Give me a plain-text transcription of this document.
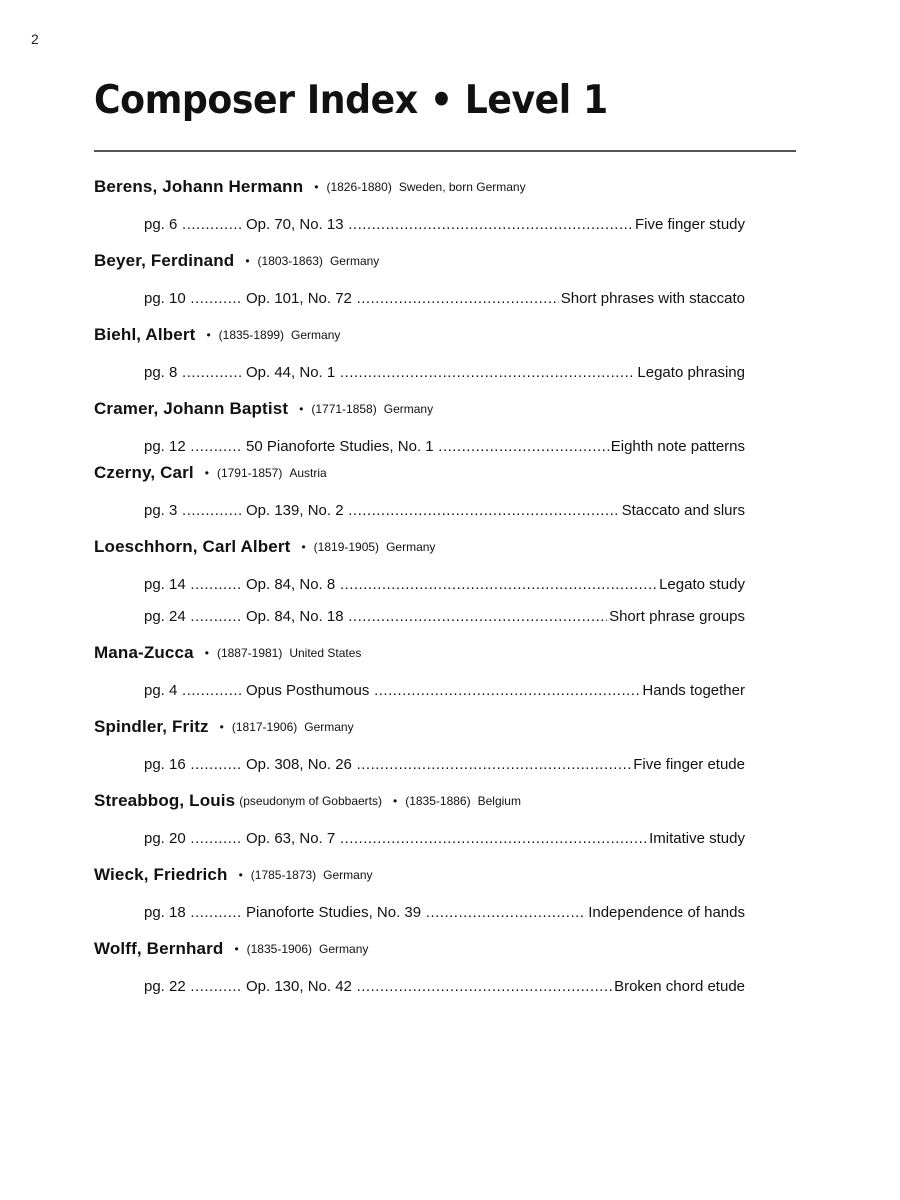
2
Composer Index • Level 1
Berens, Johann Hermann • (1826-1880) Sweden, born Germany
pg. 6 .....	Op. 70, No. 13 .....	Five finger study
Beyer, Ferdinand • (1803-1863) Germany
pg. 10 .....	Op. 101, No. 72 .....	Short phrases with staccato
Biehl, Albert • (1835-1899) Germany
pg. 8 .....	Op. 44, No. 1 .....	Legato phrasing
Cramer, Johann Baptist • (1771-1858) Germany
pg. 12 .....	50 Pianoforte Studies, No. 1 .....	Eighth note patterns
Czerny, Carl • (1791-1857) Austria
pg. 3 .....	Op. 139, No. 2 .....	Staccato and slurs
Loeschhorn, Carl Albert • (1819-1905) Germany
pg. 14 .....	Op. 84, No. 8 .....	Legato study
pg. 24 .....	Op. 84, No. 18 .....	Short phrase groups
Mana-Zucca • (1887-1981) United States
pg. 4 .....	Opus Posthumous .....	Hands together
Spindler, Fritz • (1817-1906) Germany
pg. 16 .....	Op. 308, No. 26 .....	Five finger etude
Streabbog, Louis (pseudonym of Gobbaerts) • (1835-1886) Belgium
pg. 20 .....	Op. 63, No. 7 .....	Imitative study
Wieck, Friedrich • (1785-1873) Germany
pg. 18 .....	Pianoforte Studies, No. 39 .....	Independence of hands
Wolff, Bernhard • (1835-1906) Germany
pg. 22 .....	Op. 130, No. 42 .....	Broken chord etude
